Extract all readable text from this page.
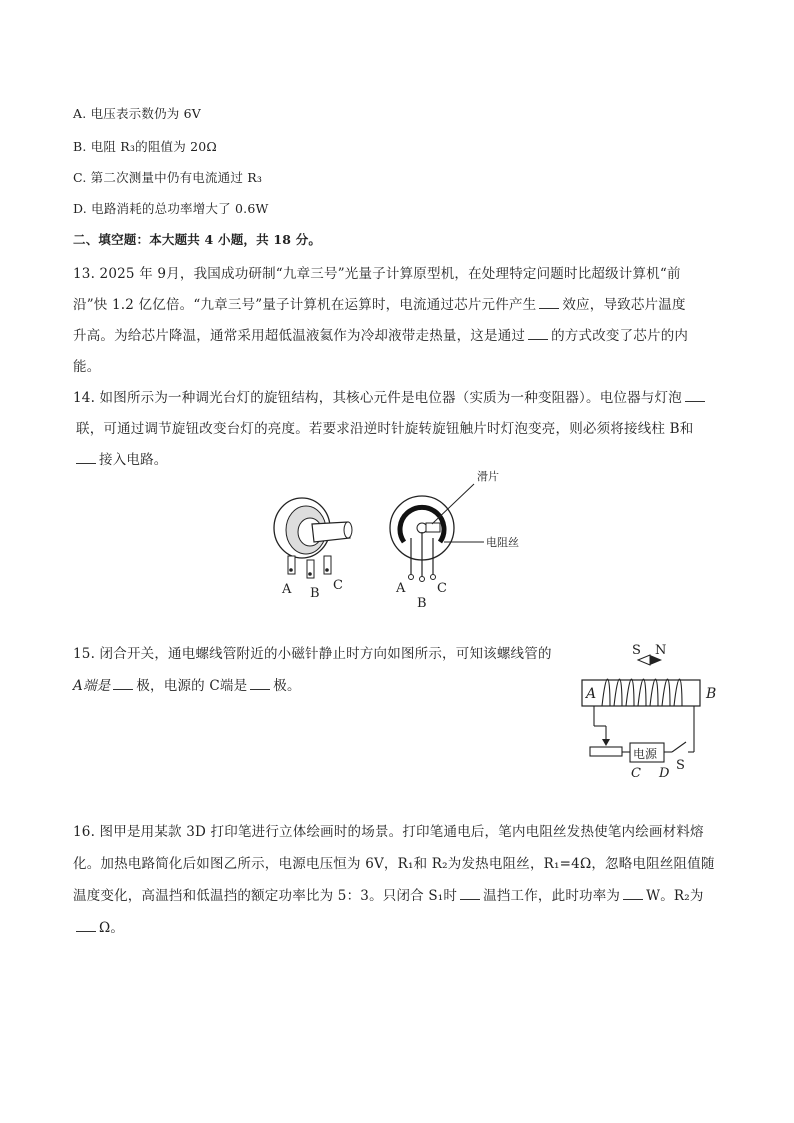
A. 电压表示数仍为 6V
B. 电阻 R₃的阻值为 20Ω
C. 第二次测量中仍有电流通过 R₃
D. 电路消耗的总功率增大了 0.6W
二、填空题：本大题共 4 小题，共 18 分。
13. 2025 年 9月，我国成功研制“九章三号”光量子计算原型机，在处理特定问题时比超级计算机“前
沿”快 1.2 亿亿倍。“九章三号”量子计算机在运算时，电流通过芯片元件产生 效应，导致芯片温度
升高。为给芯片降温，通常采用超低温液氦作为冷却液带走热量，这是通过 的方式改变了芯片的内
能。
14. 如图所示为一种调光台灯的旋钮结构，其核心元件是电位器（实质为一种变阻器）。电位器与灯泡
联，可通过调节旋钮改变台灯的亮度。若要求沿逆时针旋转旋钮触片时灯泡变亮，则必须将接线柱 B和
接入电路。
A B
C	A
B
C
滑片
电阻丝
15. 闭合开关，通电螺线管附近的小磁针静止时方向如图所示，可知该螺线管的
A端是 极，电源的 C端是 极。
S N
A	B
电源
C D
S
16. 图甲是用某款 3D 打印笔进行立体绘画时的场景。打印笔通电后，笔内电阻丝发热使笔内绘画材料熔
化。加热电路简化后如图乙所示，电源电压恒为 6V，R₁和 R₂为发热电阻丝，R₁=4Ω，忽略电阻丝阻值随
温度变化，高温挡和低温挡的额定功率比为 5：3。只闭合 S₁时 温挡工作，此时功率为 W。R₂为
Ω。
